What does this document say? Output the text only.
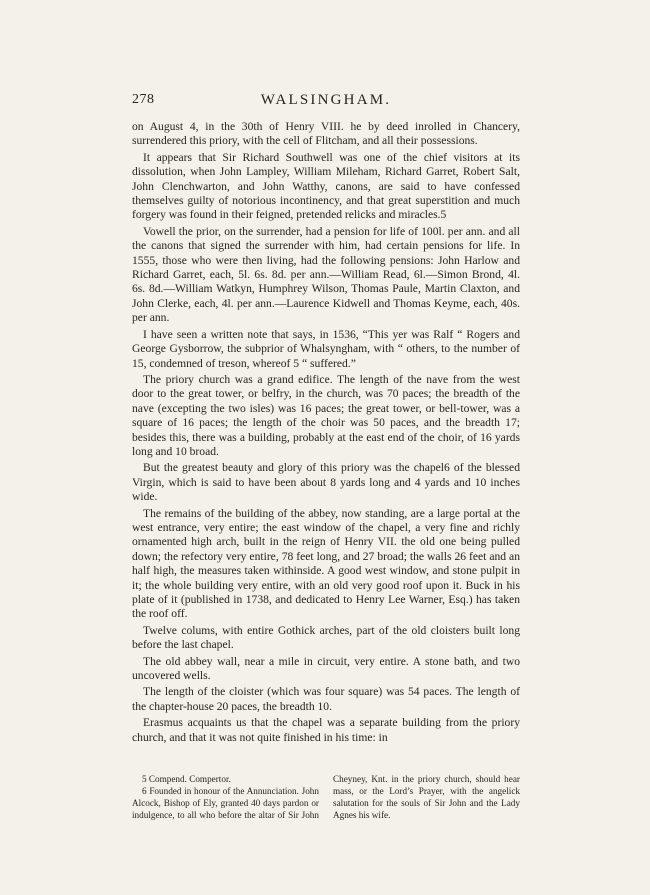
278	WALSINGHAM.

on August 4, in the 30th of Henry VIII. he by deed inrolled in Chancery, surrendered this priory, with the cell of Flitcham, and all their possessions.

It appears that Sir Richard Southwell was one of the chief visitors at its dissolution, when John Lampley, William Mileham, Richard Garret, Robert Salt, John Clenchwarton, and John Watthy, canons, are said to have confessed themselves guilty of notorious incontinency, and that great superstition and much forgery was found in their feigned, pretended relicks and miracles.5

Vowell the prior, on the surrender, had a pension for life of 100l. per ann. and all the canons that signed the surrender with him, had certain pensions for life. In 1555, those who were then living, had the following pensions: John Harlow and Richard Garret, each, 5l. 6s. 8d. per ann.—William Read, 6l.—Simon Brond, 4l. 6s. 8d.—William Watkyn, Humphrey Wilson, Thomas Paule, Martin Claxton, and John Clerke, each, 4l. per ann.—Laurence Kidwell and Thomas Keyme, each, 40s. per ann.

I have seen a written note that says, in 1536, “This yer was Ralf “ Rogers and George Gysborrow, the subprior of Whalsyngham, with “ others, to the number of 15, condemned of treson, whereof 5 “ suffered.”

The priory church was a grand edifice. The length of the nave from the west door to the great tower, or belfry, in the church, was 70 paces; the breadth of the nave (excepting the two isles) was 16 paces; the great tower, or bell-tower, was a square of 16 paces; the length of the choir was 50 paces, and the breadth 17; besides this, there was a building, probably at the east end of the choir, of 16 yards long and 10 broad.

But the greatest beauty and glory of this priory was the chapel6 of the blessed Virgin, which is said to have been about 8 yards long and 4 yards and 10 inches wide.

The remains of the building of the abbey, now standing, are a large portal at the west entrance, very entire; the east window of the chapel, a very fine and richly ornamented high arch, built in the reign of Henry VII. the old one being pulled down; the refectory very entire, 78 feet long, and 27 broad; the walls 26 feet and an half high, the measures taken withinside. A good west window, and stone pulpit in it; the whole building very entire, with an old very good roof upon it. Buck in his plate of it (published in 1738, and dedicated to Henry Lee Warner, Esq.) has taken the roof off.

Twelve colums, with entire Gothick arches, part of the old cloisters built long before the last chapel.

The old abbey wall, near a mile in circuit, very entire. A stone bath, and two uncovered wells.

The length of the cloister (which was four square) was 54 paces. The length of the chapter-house 20 paces, the breadth 10.

Erasmus acquaints us that the chapel was a separate building from the priory church, and that it was not quite finished in his time: in

5 Compend. Compertor.

6 Founded in honour of the Annunciation. John Alcock, Bishop of Ely, granted 40 days pardon or indulgence, to all who before the altar of Sir John Cheyney, Knt. in the priory church, should hear mass, or the Lord’s Prayer, with the angelick salutation for the souls of Sir John and the Lady Agnes his wife.
